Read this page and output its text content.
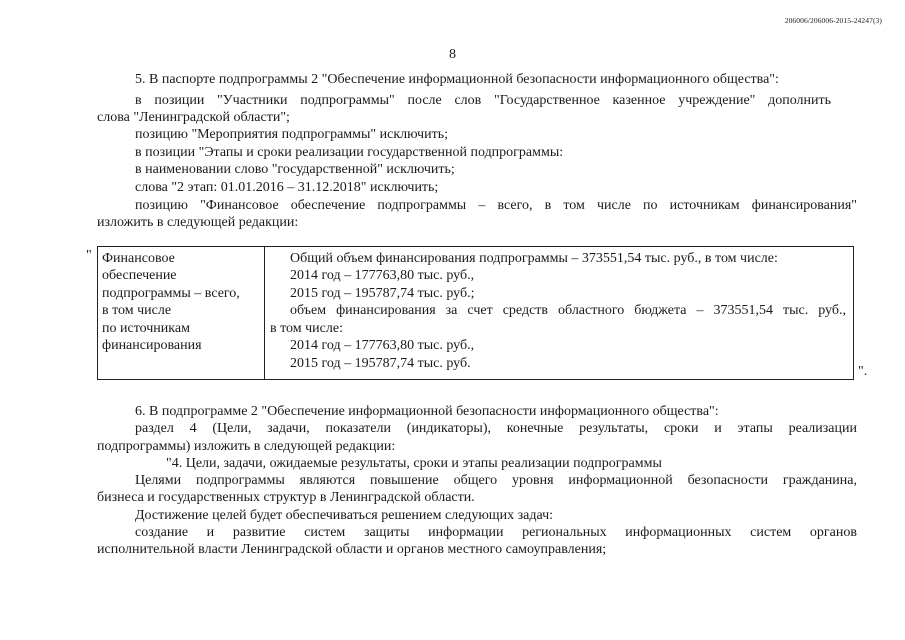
206006/206006-2015-24247(3)
8
5. В паспорте подпрограммы 2 "Обеспечение информационной безопасности информационного общества":
в позиции "Участники подпрограммы" после слов "Государственное казенное учреждение" дополнить
слова "Ленинградской области";
позицию "Мероприятия подпрограммы" исключить;
в позиции "Этапы и сроки реализации государственной подпрограммы:
в наименовании слово "государственной" исключить;
слова "2 этап: 01.01.2016 – 31.12.2018" исключить;
позицию "Финансовое обеспечение подпрограммы – всего, в том числе по источникам финансирования"
изложить в следующей редакции:
" Финансовое
обеспечение
подпрограммы – всего,
в том числе
по источникам
финансирования
Общий объем финансирования подпрограммы – 373551,54 тыс. руб., в том числе:
2014 год – 177763,80 тыс. руб.,
2015 год – 195787,74 тыс. руб.;
объем финансирования за счет средств областного бюджета – 373551,54 тыс. руб.,
в том числе:
2014 год – 177763,80 тыс. руб.,
2015 год – 195787,74 тыс. руб.
".
6. В подпрограмме 2 "Обеспечение информационной безопасности информационного общества":
раздел 4 (Цели, задачи, показатели (индикаторы), конечные результаты, сроки и этапы реализации
подпрограммы) изложить в следующей редакции:
"4. Цели, задачи, ожидаемые результаты, сроки и этапы реализации подпрограммы
Целями подпрограммы являются повышение общего уровня информационной безопасности гражданина,
бизнеса и государственных структур в Ленинградской области.
Достижение целей будет обеспечиваться решением следующих задач:
создание и развитие систем защиты информации региональных информационных систем органов
исполнительной власти Ленинградской области и органов местного самоуправления;
